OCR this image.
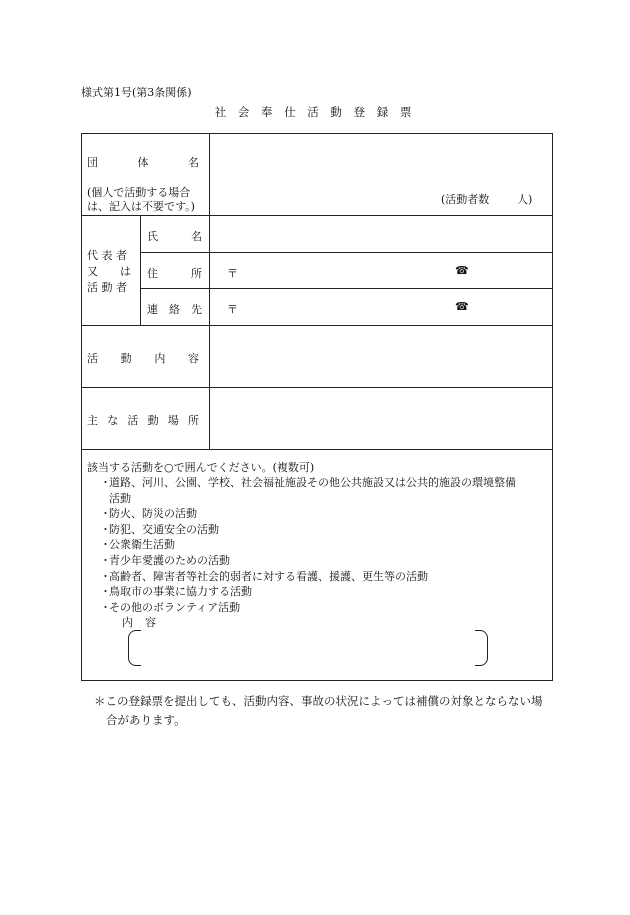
様式第1号(第3条関係)
社 会 奉 仕 活 動 登 録 票
団	体	名
(個人で活動する場合
は、記入は不要です。)
(活動者数	人)
代 表 者
又 は
活 動 者
氏	名
住	所 〒	☎
連 絡 先 〒	☎
活 動 内 容
主 な 活 動 場 所
該当する活動を○で囲んでください。(複数可)
・
道路、河川、公園、学校、社会福祉施設その他公共施設又は公共的施設の環境整備
活動
・
防火、防災の活動
・
防犯、交通安全の活動
・
公衆衛生活動
・
青少年愛護のための活動
・
高齢者、障害者等社会的弱者に対する看護、援護、更生等の活動
・
鳥取市の事業に協力する活動
・
その他のボランティア活動
内 容
＊この登録票を提出しても、活動内容、事故の状況によっては補償の対象とならない場
合があります。
